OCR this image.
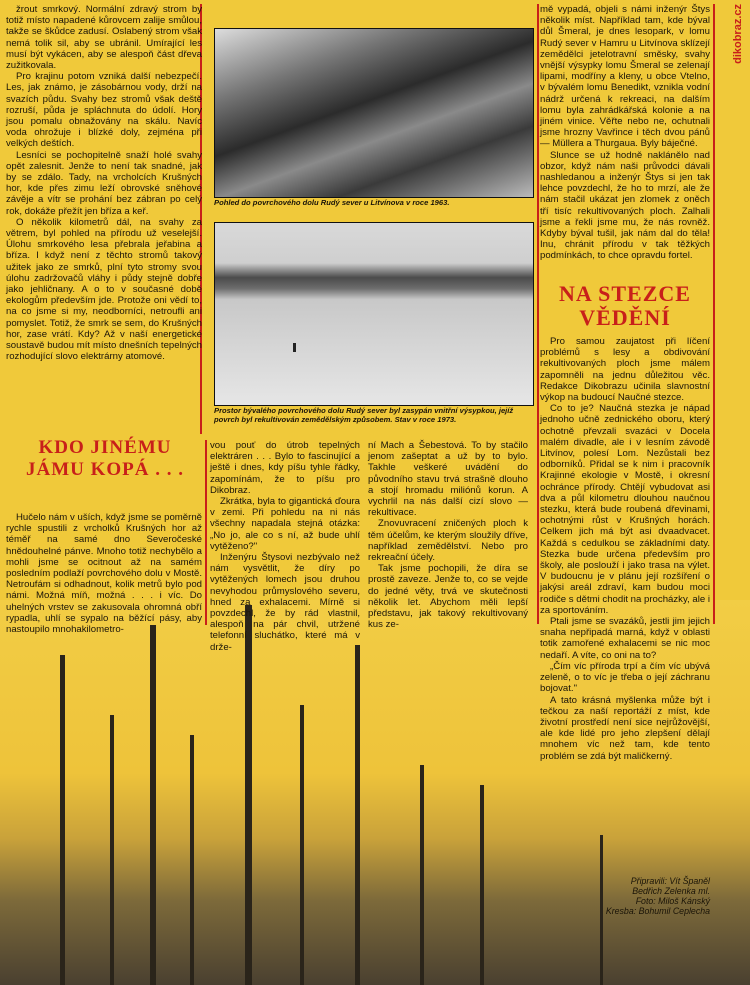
dikobraz.cz

žrout smrkový. Normální zdravý strom by totiž místo napadené kůrovcem zalije smůlou, takže se škůdce zadusí. Oslabený strom však nemá tolik sil, aby se ubránil. Umírající les musí být vykácen, aby se alespoň část dřeva zužitkovala.

Pro krajinu potom vzniká další nebezpečí. Les, jak známo, je zásobárnou vody, drží na svazích půdu. Svahy bez stromů však deště rozruší, půda je spláchnuta do údolí. Hory jsou pomalu obnažovány na skálu. Navíc voda ohrožuje i blízké doly, zejména při velkých deštích.

Lesníci se pochopitelně snaží holé svahy opět zalesnit. Jenže to není tak snadné, jak by se zdálo. Tady, na vrcholcích Krušných hor, kde přes zimu leží obrovské sněhové závěje a vítr se prohání bez zábran po celý rok, dokáže přežít jen bříza a keř.

O několik kilometrů dál, na svahy za větrem, byl pohled na přírodu už veselejší. Úlohu smrkového lesa přebrala jeřabina a bříza. I když není z těchto stromů takový užitek jako ze smrků, plní tyto stromy svou úlohu zadržovačů vláhy i půdy stejně dobře jako jehličnany. A o to v současné době ekologům především jde. Protože oni vědí to, na co jsme si my, neodborníci, netroufli ani pomyslet. Totiž, že smrk se sem, do Krušných hor, zase vrátí. Kdy? Až v naší energetické soustavě budou mít místo dnešních tepelných rozhodující slovo elektrárny atomové.

KDO JINÉMU JÁMU KOPÁ . . .

Hučelo nám v uších, když jsme se poměrně rychle spustili z vrcholků Krušných hor až téměř na samé dno Severočeské hnědouhelné pánve. Mnoho totiž nechybělo a mohli jsme se ocitnout až na samém posledním podlaží povrchového dolu v Mostě. Netroufám si odhadnout, kolik metrů bylo pod námi. Možná míň, možná . . . i víc. Do uhelných vrstev se zakusovala ohromná obří rypadla, uhlí se sypalo na běžící pásy, aby nastoupilo mnohakilometro-

Pohled do povrchového dolu Rudý sever u Litvínova v roce 1963.
Prostor bývalého povrchového dolu Rudý sever byl zasypán vnitřní výsypkou, jejíž povrch byl rekultivován zemědělským způsobem. Stav v roce 1973.

vou pouť do útrob tepelných elektráren . . . Bylo to fascinující a ještě i dnes, kdy píšu tyhle řádky, zapomínám, že to píšu pro Dikobraz.

Zkrátka, byla to gigantická ďoura v zemi. Při pohledu na ni nás všechny napadala stejná otázka: „No jo, ale co s ní, až bude uhlí vytěženo?"

Inženýru Štysovi nezbývalo než nám vysvětlit, že díry po vytěžených lomech jsou druhou nevyhodou průmyslového severu, hned za exhalacemi. Mírně si povzdechl, že by rád vlastnil, alespoň na pár chvil, utržené telefonní sluchátko, které má v drže-

ní Mach a Šebestová. To by stačilo jenom zašeptat a už by to bylo. Takhle veškeré uvádění do původního stavu trvá strašně dlouho a stojí hromadu miliónů korun. A vychrlil na nás další cizí slovo — rekultivace.

Znovuvracení zničených ploch k těm účelům, ke kterým sloužily dříve, například zemědělství. Nebo pro rekreační účely.

Tak jsme pochopili, že díra se prostě zaveze. Jenže to, co se vejde do jedné věty, trvá ve skutečnosti několik let. Abychom měli lepší představu, jak takový rekultivovaný kus ze-

mě vypadá, objeli s námi inženýr Štys několik míst. Například tam, kde býval důl Šmeral, je dnes lesopark, v lomu Rudý sever v Hamru u Litvínova sklízejí zemědělci jetelotravní směsky, svahy vnější výsypky lomu Šmeral se zelenají lipami, modříny a kleny, u obce Vtelno, v bývalém lomu Benedikt, vznikla vodní nádrž určená k rekreaci, na dalším lomu byla zahrádkářská kolonie a na jiném vinice. Věřte nebo ne, ochutnali jsme hrozny Vavřince i těch dvou pánů — Müllera a Thurgaua. Byly báječné.

Slunce se už hodně naklánělo nad obzor, když nám naši průvodci dávali nashledanou a inženýr Štys si jen tak lehce povzdechl, že ho to mrzí, ale že nám stačil ukázat jen zlomek z oněch tří tisíc rekultivovaných ploch. Zalhali jsme a řekli jsme mu, že nás rovněž. Kdyby býval tušil, jak nám dal do těla! Inu, chránit přírodu v tak těžkých podmínkách, to chce opravdu fortel.

NA STEZCE VĚDĚNÍ

Pro samou zaujatost při líčení problémů s lesy a obdivování rekultivovaných ploch jsme málem zapomněli na jednu důležitou věc. Redakce Dikobrazu učinila slavnostní výkop na budoucí Naučné stezce.

Co to je? Naučná stezka je nápad jednoho učně zednického oboru, který ochotně převzali svazáci v Docela malém divadle, ale i v lesním závodě Litvínov, polesí Lom. Nezůstali bez odborníků. Přidal se k nim i pracovník Krajinné ekologie v Mostě, i okresní ochránce přírody. Chtějí vybudovat asi dva a půl kilometru dlouhou naučnou stezku, která bude roubená dřevinami, ochotnými růst v Krušných horách. Celkem jich má být asi dvaadvacet. Každá s cedulkou se základními daty. Stezka bude určena především pro školy, ale poslouží i jako trasa na výlet. V budoucnu je v plánu její rozšíření o jakýsi areál zdraví, kam budou moci rodiče s dětmi chodit na procházky, ale i za sportováním.

Ptali jsme se svazáků, jestli jim jejich snaha nepřipadá marná, když v oblasti totik zamořené exhalacemi se nic moc nedaří. A víte, co oni na to?

„Čím víc příroda trpí a čím víc ubývá zeleně, o to víc je třeba o její záchranu bojovat."

A tato krásná myšlenka může být i tečkou za naší reportáží z míst, kde životní prostředí není sice nejrůžovější, ale kde lidé pro jeho zlepšení dělají mnohem víc než tam, kde tento problém se zdá být maličkerný.

Připravili: Vít Španěl
Bedřich Zelenka ml.
Foto: Miloš Kánský
Kresba: Bohumil Ceplecha
